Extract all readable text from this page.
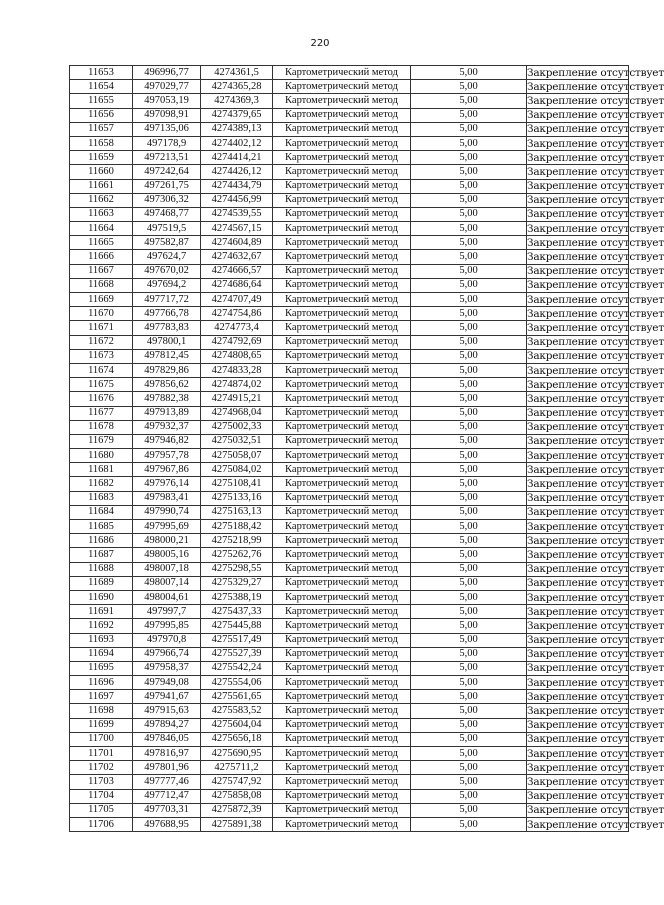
220
11653	496996,77	4274361,5	Картометрический метод	5,00	Закрепление отсутствует
11654	497029,77	4274365,28	Картометрический метод	5,00	Закрепление отсутствует
11655	497053,19	4274369,3	Картометрический метод	5,00	Закрепление отсутствует
11656	497098,91	4274379,65	Картометрический метод	5,00	Закрепление отсутствует
11657	497135,06	4274389,13	Картометрический метод	5,00	Закрепление отсутствует
11658	497178,9	4274402,12	Картометрический метод	5,00	Закрепление отсутствует
11659	497213,51	4274414,21	Картометрический метод	5,00	Закрепление отсутствует
11660	497242,64	4274426,12	Картометрический метод	5,00	Закрепление отсутствует
11661	497261,75	4274434,79	Картометрический метод	5,00	Закрепление отсутствует
11662	497306,32	4274456,99	Картометрический метод	5,00	Закрепление отсутствует
11663	497468,77	4274539,55	Картометрический метод	5,00	Закрепление отсутствует
11664	497519,5	4274567,15	Картометрический метод	5,00	Закрепление отсутствует
11665	497582,87	4274604,89	Картометрический метод	5,00	Закрепление отсутствует
11666	497624,7	4274632,67	Картометрический метод	5,00	Закрепление отсутствует
11667	497670,02	4274666,57	Картометрический метод	5,00	Закрепление отсутствует
11668	497694,2	4274686,64	Картометрический метод	5,00	Закрепление отсутствует
11669	497717,72	4274707,49	Картометрический метод	5,00	Закрепление отсутствует
11670	497766,78	4274754,86	Картометрический метод	5,00	Закрепление отсутствует
11671	497783,83	4274773,4	Картометрический метод	5,00	Закрепление отсутствует
11672	497800,1	4274792,69	Картометрический метод	5,00	Закрепление отсутствует
11673	497812,45	4274808,65	Картометрический метод	5,00	Закрепление отсутствует
11674	497829,86	4274833,28	Картометрический метод	5,00	Закрепление отсутствует
11675	497856,62	4274874,02	Картометрический метод	5,00	Закрепление отсутствует
11676	497882,38	4274915,21	Картометрический метод	5,00	Закрепление отсутствует
11677	497913,89	4274968,04	Картометрический метод	5,00	Закрепление отсутствует
11678	497932,37	4275002,33	Картометрический метод	5,00	Закрепление отсутствует
11679	497946,82	4275032,51	Картометрический метод	5,00	Закрепление отсутствует
11680	497957,78	4275058,07	Картометрический метод	5,00	Закрепление отсутствует
11681	497967,86	4275084,02	Картометрический метод	5,00	Закрепление отсутствует
11682	497976,14	4275108,41	Картометрический метод	5,00	Закрепление отсутствует
11683	497983,41	4275133,16	Картометрический метод	5,00	Закрепление отсутствует
11684	497990,74	4275163,13	Картометрический метод	5,00	Закрепление отсутствует
11685	497995,69	4275188,42	Картометрический метод	5,00	Закрепление отсутствует
11686	498000,21	4275218,99	Картометрический метод	5,00	Закрепление отсутствует
11687	498005,16	4275262,76	Картометрический метод	5,00	Закрепление отсутствует
11688	498007,18	4275298,55	Картометрический метод	5,00	Закрепление отсутствует
11689	498007,14	4275329,27	Картометрический метод	5,00	Закрепление отсутствует
11690	498004,61	4275388,19	Картометрический метод	5,00	Закрепление отсутствует
11691	497997,7	4275437,33	Картометрический метод	5,00	Закрепление отсутствует
11692	497995,85	4275445,88	Картометрический метод	5,00	Закрепление отсутствует
11693	497970,8	4275517,49	Картометрический метод	5,00	Закрепление отсутствует
11694	497966,74	4275527,39	Картометрический метод	5,00	Закрепление отсутствует
11695	497958,37	4275542,24	Картометрический метод	5,00	Закрепление отсутствует
11696	497949,08	4275554,06	Картометрический метод	5,00	Закрепление отсутствует
11697	497941,67	4275561,65	Картометрический метод	5,00	Закрепление отсутствует
11698	497915,63	4275583,52	Картометрический метод	5,00	Закрепление отсутствует
11699	497894,27	4275604,04	Картометрический метод	5,00	Закрепление отсутствует
11700	497846,05	4275656,18	Картометрический метод	5,00	Закрепление отсутствует
11701	497816,97	4275690,95	Картометрический метод	5,00	Закрепление отсутствует
11702	497801,96	4275711,2	Картометрический метод	5,00	Закрепление отсутствует
11703	497777,46	4275747,92	Картометрический метод	5,00	Закрепление отсутствует
11704	497712,47	4275858,08	Картометрический метод	5,00	Закрепление отсутствует
11705	497703,31	4275872,39	Картометрический метод	5,00	Закрепление отсутствует
11706	497688,95	4275891,38	Картометрический метод	5,00	Закрепление отсутствует
